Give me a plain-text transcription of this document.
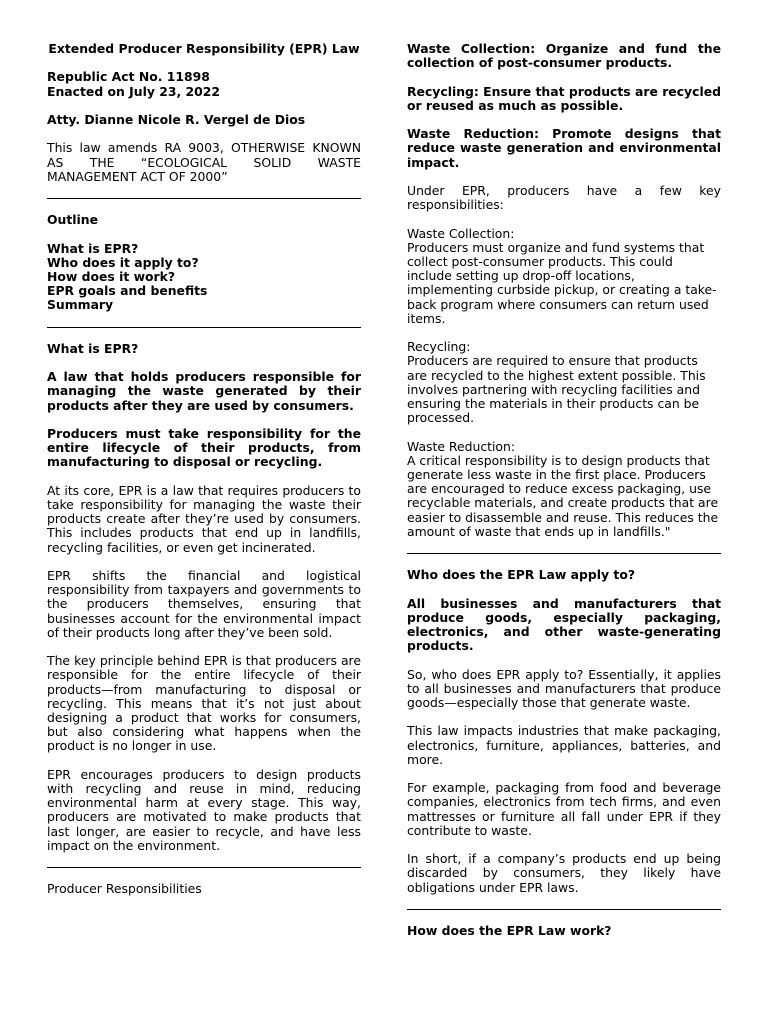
Extended Producer Responsibility (EPR) Law

Republic Act No. 11898
Enacted on July 23, 2022

Atty. Dianne Nicole R. Vergel de Dios

This law amends RA 9003, OTHERWISE KNOWN AS THE “ECOLOGICAL SOLID WASTE MANAGEMENT ACT OF 2000”

Outline

What is EPR?
Who does it apply to?
How does it work?
EPR goals and benefits
Summary

What is EPR?

A law that holds producers responsible for managing the waste generated by their products after they are used by consumers.

Producers must take responsibility for the entire lifecycle of their products, from manufacturing to disposal or recycling.

At its core, EPR is a law that requires producers to take responsibility for managing the waste their products create after they’re used by consumers. This includes products that end up in landfills, recycling facilities, or even get incinerated.

EPR shifts the financial and logistical responsibility from taxpayers and governments to the producers themselves, ensuring that businesses account for the environmental impact of their products long after they’ve been sold.

The key principle behind EPR is that producers are responsible for the entire lifecycle of their products—from manufacturing to disposal or recycling. This means that it’s not just about designing a product that works for consumers, but also considering what happens when the product is no longer in use.

EPR encourages producers to design products with recycling and reuse in mind, reducing environmental harm at every stage. This way, producers are motivated to make products that last longer, are easier to recycle, and have less impact on the environment.

Producer Responsibilities

Waste Collection: Organize and fund the collection of post-consumer products.

Recycling: Ensure that products are recycled or reused as much as possible.

Waste Reduction: Promote designs that reduce waste generation and environmental impact.

Under EPR, producers have a few key responsibilities:

Waste Collection:
Producers must organize and fund systems that collect post-consumer products. This could include setting up drop-off locations, implementing curbside pickup, or creating a take-back program where consumers can return used items.
Recycling:
Producers are required to ensure that products are recycled to the highest extent possible. This involves partnering with recycling facilities and ensuring the materials in their products can be processed.
Waste Reduction:
A critical responsibility is to design products that generate less waste in the first place. Producers are encouraged to reduce excess packaging, use recyclable materials, and create products that are easier to disassemble and reuse. This reduces the amount of waste that ends up in landfills."

Who does the EPR Law apply to?

All businesses and manufacturers that produce goods, especially packaging, electronics, and other waste-generating products.

So, who does EPR apply to? Essentially, it applies to all businesses and manufacturers that produce goods—especially those that generate waste.

This law impacts industries that make packaging, electronics, furniture, appliances, batteries, and more.

For example, packaging from food and beverage companies, electronics from tech firms, and even mattresses or furniture all fall under EPR if they contribute to waste.

In short, if a company’s products end up being discarded by consumers, they likely have obligations under EPR laws.

How does the EPR Law work?
